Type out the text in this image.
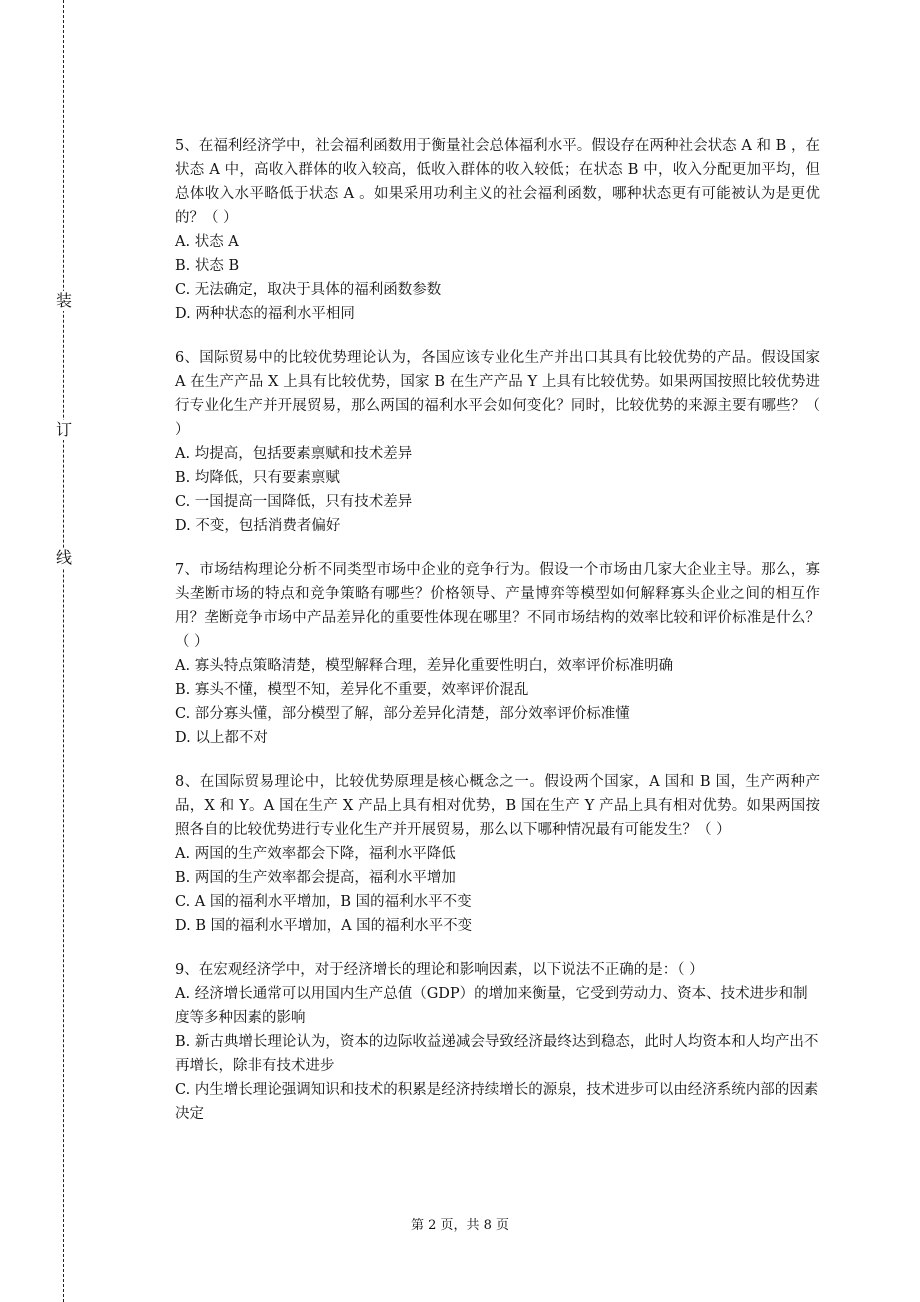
装
订
线
5、在福利经济学中，社会福利函数用于衡量社会总体福利水平。假设存在两种社会状态 A 和 B ，在状态 A 中，高收入群体的收入较高，低收入群体的收入较低；在状态 B 中，收入分配更加平均，但总体收入水平略低于状态 A 。如果采用功利主义的社会福利函数，哪种状态更有可能被认为是更优的？（ ）
A. 状态 A
B. 状态 B
C. 无法确定，取决于具体的福利函数参数
D. 两种状态的福利水平相同
6、国际贸易中的比较优势理论认为，各国应该专业化生产并出口其具有比较优势的产品。假设国家 A 在生产产品 X 上具有比较优势，国家 B 在生产产品 Y 上具有比较优势。如果两国按照比较优势进行专业化生产并开展贸易，那么两国的福利水平会如何变化？同时，比较优势的来源主要有哪些？（ ）
A. 均提高，包括要素禀赋和技术差异
B. 均降低，只有要素禀赋
C. 一国提高一国降低，只有技术差异
D. 不变，包括消费者偏好
7、市场结构理论分析不同类型市场中企业的竞争行为。假设一个市场由几家大企业主导。那么，寡头垄断市场的特点和竞争策略有哪些？价格领导、产量博弈等模型如何解释寡头企业之间的相互作用？垄断竞争市场中产品差异化的重要性体现在哪里？不同市场结构的效率比较和评价标准是什么？（ ）
A. 寡头特点策略清楚，模型解释合理，差异化重要性明白，效率评价标准明确
B. 寡头不懂，模型不知，差异化不重要，效率评价混乱
C. 部分寡头懂，部分模型了解，部分差异化清楚，部分效率评价标准懂
D. 以上都不对
8、在国际贸易理论中，比较优势原理是核心概念之一。假设两个国家，A 国和 B 国，生产两种产品，X 和 Y。A 国在生产 X 产品上具有相对优势，B 国在生产 Y 产品上具有相对优势。如果两国按照各自的比较优势进行专业化生产并开展贸易，那么以下哪种情况最有可能发生？（ ）
A. 两国的生产效率都会下降，福利水平降低
B. 两国的生产效率都会提高，福利水平增加
C. A 国的福利水平增加，B 国的福利水平不变
D. B 国的福利水平增加，A 国的福利水平不变
9、在宏观经济学中，对于经济增长的理论和影响因素，以下说法不正确的是：（ ）
A. 经济增长通常可以用国内生产总值（GDP）的增加来衡量，它受到劳动力、资本、技术进步和制度等多种因素的影响
B. 新古典增长理论认为，资本的边际收益递减会导致经济最终达到稳态，此时人均资本和人均产出不再增长，除非有技术进步
C. 内生增长理论强调知识和技术的积累是经济持续增长的源泉，技术进步可以由经济系统内部的因素决定
第 2 页，共 8 页
